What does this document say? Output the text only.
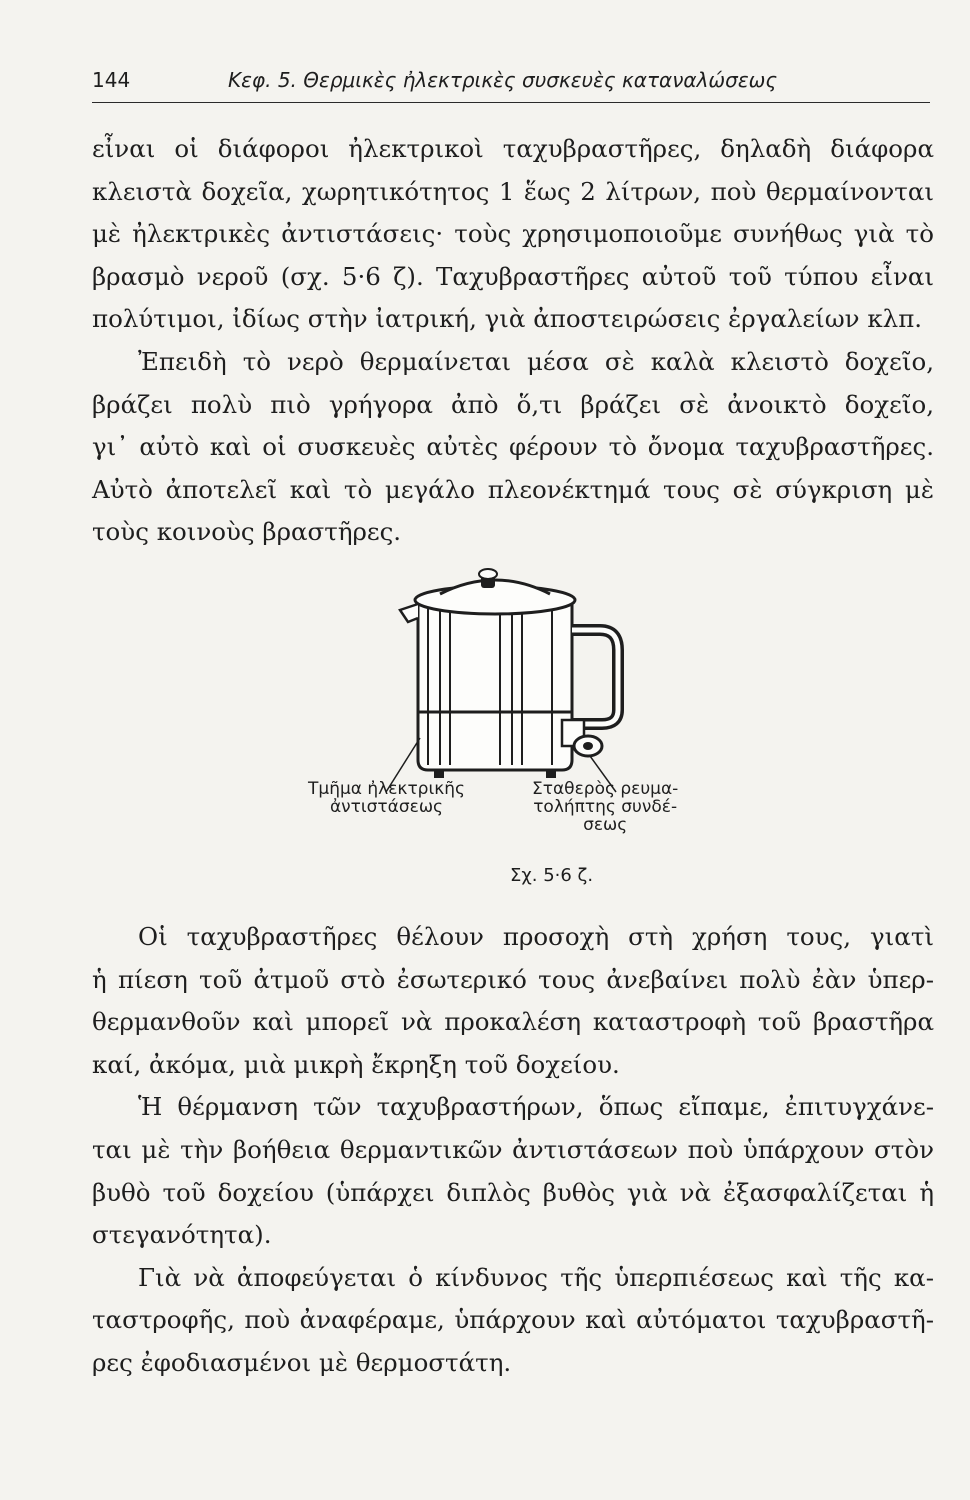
144	Κεφ. 5. Θερμικὲς ἠλεκτρικὲς συσκευὲς καταναλώσεως

εἶναι οἱ διάφοροι ἠλεκτρικοὶ ταχυβραστῆρες, δηλαδὴ διάφορα

κλειστὰ δοχεῖα, χωρητικότητος 1 ἕως 2 λίτρων, ποὺ θερμαίνονται

μὲ ἠλεκτρικὲς ἀντιστάσεις· τοὺς χρησιμοποιοῦμε συνήθως γιὰ τὸ

βρασμὸ νεροῦ (σχ. 5·6 ζ). Ταχυβραστῆρες αὐτοῦ τοῦ τύπου εἶναι

πολύτιμοι, ἰδίως στὴν ἰατρική, γιὰ ἀποστειρώσεις ἐργαλείων κλπ.

Ἐπειδὴ τὸ νερὸ θερμαίνεται μέσα σὲ καλὰ κλειστὸ δοχεῖο,

βράζει πολὺ πιὸ γρήγορα ἀπὸ ὅ,τι βράζει σὲ ἀνοικτὸ δοχεῖο,

γι᾿ αὐτὸ καὶ οἱ συσκευὲς αὐτὲς φέρουν τὸ ὄνομα ταχυβραστῆρες.

Αὐτὸ ἀποτελεῖ καὶ τὸ μεγάλο πλεονέκτημά τους σὲ σύγκριση μὲ

τοὺς κοινοὺς βραστῆρες.

Τμῆμα ἠλεκτρικῆς
ἀντιστάσεως
Σταθερὸς ρευμα-
τολήπτης συνδέ-
σεως
Σχ. 5·6 ζ.

Οἱ ταχυβραστῆρες θέλουν προσοχὴ στὴ χρήση τους, γιατὶ

ἡ πίεση τοῦ ἀτμοῦ στὸ ἐσωτερικό τους ἀνεβαίνει πολὺ ἐὰν ὑπερ-

θερμανθοῦν καὶ μπορεῖ νὰ προκαλέση καταστροφὴ τοῦ βραστῆρα

καί, ἀκόμα, μιὰ μικρὴ ἔκρηξη τοῦ δοχείου.

Ἡ θέρμανση τῶν ταχυβραστήρων, ὅπως εἴπαμε, ἐπιτυγχάνε-

ται μὲ τὴν βοήθεια θερμαντικῶν ἀντιστάσεων ποὺ ὑπάρχουν στὸν

βυθὸ τοῦ δοχείου (ὑπάρχει διπλὸς βυθὸς γιὰ νὰ ἐξασφαλίζεται ἡ

στεγανότητα).

Γιὰ νὰ ἀποφεύγεται ὁ κίνδυνος τῆς ὑπερπιέσεως καὶ τῆς κα-

ταστροφῆς, ποὺ ἀναφέραμε, ὑπάρχουν καὶ αὐτόματοι ταχυβραστῆ-

ρες ἐφοδιασμένοι μὲ θερμοστάτη.
